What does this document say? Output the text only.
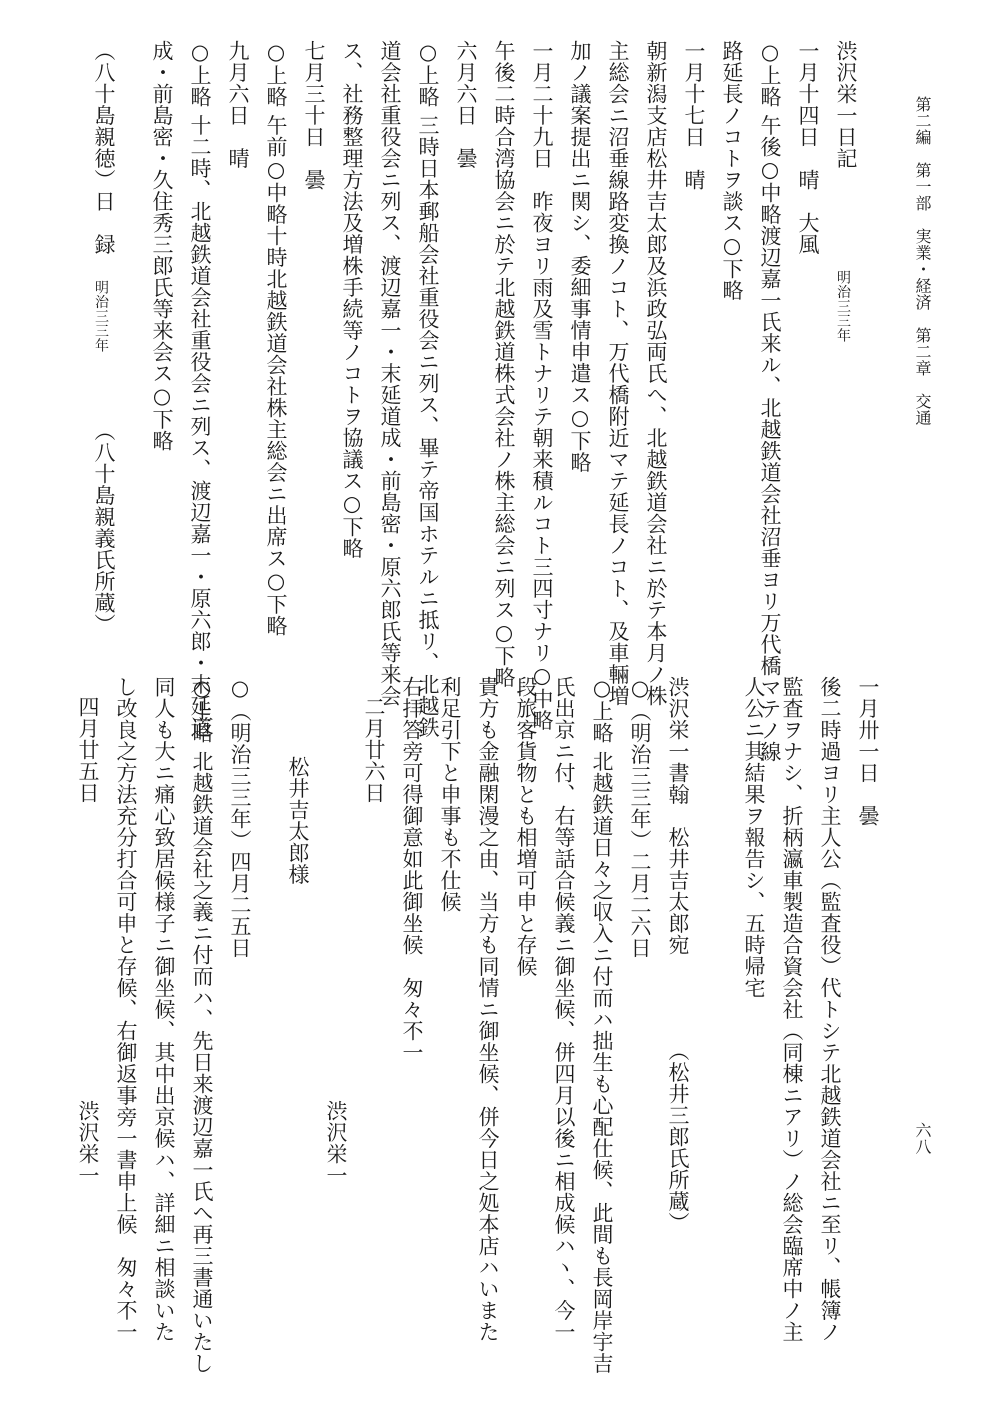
第二編　第一部　実業・経済　第二章　交通
六八
渋沢栄一日記
明治三三年
一月十四日　晴　大風
○上略 午後○中略渡辺嘉一氏来ル、北越鉄道会社沼垂ヨリ万代橋マテノ線
路延長ノコトヲ談ス○下略
一月十七日　晴
朝新潟支店松井吉太郎及浜政弘両氏へ、北越鉄道会社ニ於テ本月ノ株
主総会ニ沼垂線路変換ノコト、万代橋附近マテ延長ノコト、及車輛増
加ノ議案提出ニ関シ、委細事情申遣ス○下略
一月二十九日　昨夜ヨリ雨及雪トナリテ朝来積ルコト三四寸ナリ○中略
午後二時合湾協会ニ於テ北越鉄道株式会社ノ株主総会ニ列ス○下略
六月六日　曇
○上略 三時日本郵船会社重役会ニ列ス、畢テ帝国ホテルニ抵リ、北越鉄
道会社重役会ニ列ス、渡辺嘉一・末延道成・前島密・原六郎氏等来会
ス、社務整理方法及増株手続等ノコトヲ協議ス○下略
七月三十日　曇
○上略 午前○中略十時北越鉄道会社株主総会ニ出席ス○下略
九月六日　晴
○上略 十二時、北越鉄道会社重役会ニ列ス、渡辺嘉一・原六郎・末延道
成・前島密・久住秀三郎氏等来会ス○下略
（八十島親徳）日　録
明治三三年
（八十島親義氏所蔵）
一月卅一日　曇
後二時過ヨリ主人公（監査役）代トシテ北越鉄道会社ニ至リ、帳簿ノ
監査ヲナシ、折柄瀛車製造合資会社（同棟ニアリ）ノ総会臨席中ノ主
人公ニ其結果ヲ報告シ、五時帰宅
渋沢栄一書翰　松井吉太郎宛
（松井三郎氏所蔵）
○（明治三三年）二月二六日
○上略 北越鉄道日々之収入ニ付而ハ拙生も心配仕候、此間も長岡岸宇吉
氏出京ニ付、右等話合候義ニ御坐候、併四月以後ニ相成候ハヽ、今一
段旅客貨物とも相増可申と存候
貴方も金融閑漫之由、当方も同情ニ御坐候、併今日之処本店ハいまた
利足引下と申事も不仕候
右拝答旁可得御意如此御坐候　匆々不一
二月廿六日
松井吉太郎様
渋沢栄一
○（明治三三年）四月二五日
○上略 北越鉄道会社之義ニ付而ハ、先日来渡辺嘉一氏へ再三書通いたし
同人も大ニ痛心致居候様子ニ御坐候、其中出京候ハ、詳細ニ相談いた
し改良之方法充分打合可申と存候、右御返事旁一書申上候　匆々不一
四月廿五日
渋沢栄一
